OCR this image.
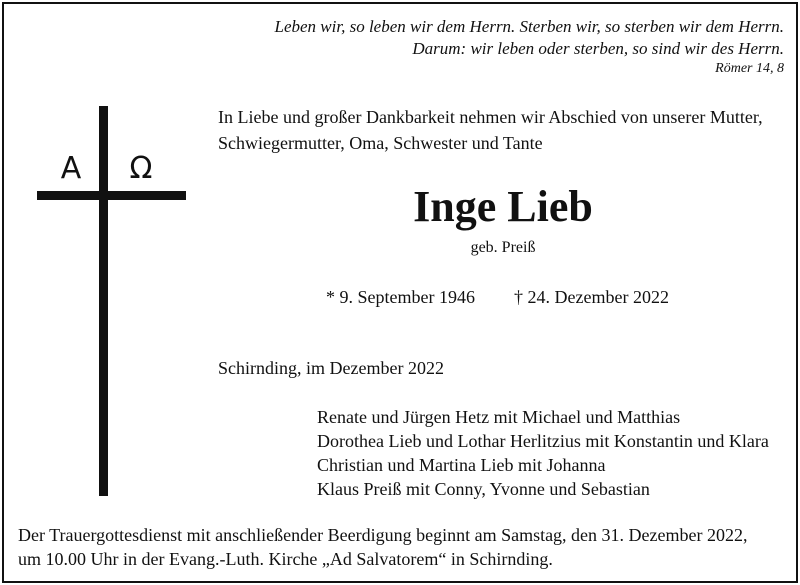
Leben wir, so leben wir dem Herrn. Sterben wir, so sterben wir dem Herrn.
Darum: wir leben oder sterben, so sind wir des Herrn.
Römer 14, 8
A Ω
In Liebe und großer Dankbarkeit nehmen wir Abschied von unserer Mutter, Schwiegermutter, Oma, Schwester und Tante
Inge Lieb
geb. Preiß
* 9. September 1946 † 24. Dezember 2022
Schirnding, im Dezember 2022
Renate und Jürgen Hetz mit Michael und Matthias
Dorothea Lieb und Lothar Herlitzius mit Konstantin und Klara
Christian und Martina Lieb mit Johanna
Klaus Preiß mit Conny, Yvonne und Sebastian
Der Trauergottesdienst mit anschließender Beerdigung beginnt am Samstag, den 31. Dezember 2022,
um 10.00 Uhr in der Evang.-Luth. Kirche „Ad Salvatorem“ in Schirnding.
